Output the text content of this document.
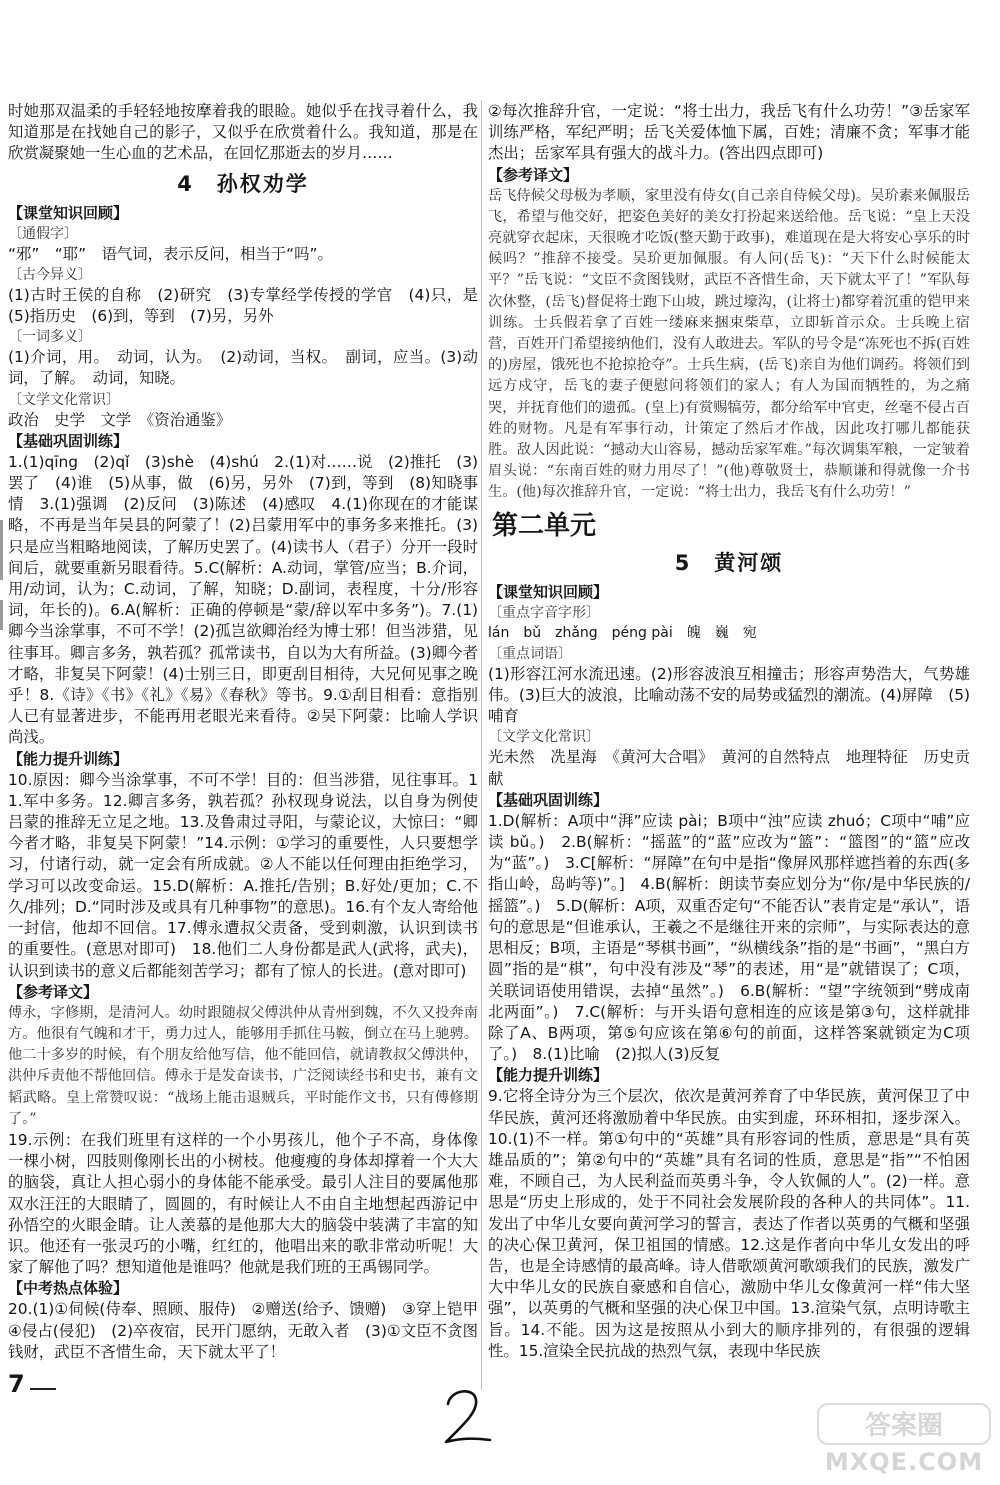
时她那双温柔的手轻轻地按摩着我的眼睑。她似乎在找寻着什么，我知道那是在找她自己的影子，又似乎在欣赏着什么。我知道，那是在欣赏凝聚她一生心血的艺术品，在回忆那逝去的岁月……

4　孙权劝学

【课堂知识回顾】

〔通假字〕

“邪”　“耶”　语气词，表示反问，相当于“吗”。

〔古今异义〕

(1)古时王侯的自称　(2)研究　(3)专掌经学传授的学官　(4)只，是　(5)指历史　(6)到，等到　(7)另，另外

〔一词多义〕

(1)介词，用。　动词，认为。　(2)动词，当权。　副词，应当。(3)动词，了解。　动词，知晓。

〔文学文化常识〕

政治　史学　文学　《资治通鉴》

【基础巩固训练】

1.(1)qīng　(2)qǐ　(3)shè　(4)shú　2.(1)对……说　(2)推托　(3)罢了　(4)谁　(5)从事，做　(6)另，另外　(7)到，等到　(8)知晓事情　3.(1)强调　(2)反问　(3)陈述　(4)感叹　4.(1)你现在的才能谋略，不再是当年吴县的阿蒙了！(2)吕蒙用军中的事务多来推托。(3)只是应当粗略地阅读，了解历史罢了。(4)读书人（君子）分开一段时间后，就要重新另眼看待。5.C(解析：A.动词，掌管/应当；B.介词，用/动词，认为；C.动词，了解，知晓；D.副词，表程度，十分/形容词，年长的)。6.A(解析：正确的停顿是“蒙/辞以军中多务”)。7.(1)卿今当涂掌事，不可不学！(2)孤岂欲卿治经为博士邪！但当涉猎，见往事耳。卿言多务，孰若孤？孤常读书，自以为大有所益。(3)卿今者才略，非复吴下阿蒙！(4)士别三日，即更刮目相待，大兄何见事之晚乎！8.《诗》《书》《礼》《易》《春秋》等书。9.①刮目相看：意指别人已有显著进步，不能再用老眼光来看待。②吴下阿蒙：比喻人学识尚浅。

【能力提升训练】

10.原因：卿今当涂掌事，不可不学！目的：但当涉猎，见往事耳。11.军中多务。12.卿言多务，孰若孤？孙权现身说法，以自身为例使吕蒙的推辞无立足之地。13.及鲁肃过寻阳，与蒙论议，大惊曰：“卿今者才略，非复吴下阿蒙！”14.示例：①学习的重要性，人只要想学习，付诸行动，就一定会有所成就。②人不能以任何理由拒绝学习，学习可以改变命运。15.D(解析：A.推托/告别；B.好处/更加；C.不久/排列；D.“同时涉及或具有几种事物”的意思)。16.有个友人寄给他一封信，他却不回信。17.傅永遭叔父责备，受到刺激，认识到读书的重要性。(意思对即可)　18.他们二人身份都是武人(武将，武夫)，认识到读书的意义后都能刻苦学习；都有了惊人的长进。(意对即可)

【参考译文】

傅永，字修期，是清河人。幼时跟随叔父傅洪仲从青州到魏，不久又投奔南方。他很有气魄和才干，勇力过人，能够用手抓住马鞍，倒立在马上驰骋。他二十多岁的时候，有个朋友给他写信，他不能回信，就请教叔父傅洪仲，洪仲斥责他不帮他回信。傅永于是发奋读书，广泛阅读经书和史书，兼有文韬武略。皇上常赞叹说：“战场上能击退贼兵，平时能作文书，只有傅修期了。”

19.示例：在我们班里有这样的一个小男孩儿，他个子不高，身体像一棵小树，四肢则像刚长出的小树枝。他瘦瘦的身体却撑着一个大大的脑袋，真让人担心弱小的身体能不能承受。最引人注目的要属他那双水汪汪的大眼睛了，圆圆的，有时候让人不由自主地想起西游记中孙悟空的火眼金睛。让人羡慕的是他那大大的脑袋中装满了丰富的知识。他还有一张灵巧的小嘴，红红的，他唱出来的歌非常动听呢！大家了解他了吗？想知道他是谁吗？他就是我们班的王禹锡同学。

【中考热点体验】

20.(1)①伺候(侍奉、照顾、服侍)　②赠送(给予、馈赠)　③穿上铠甲　④侵占(侵犯)　(2)卒夜宿，民开门愿纳，无敢入者　(3)①文臣不贪图钱财，武臣不吝惜生命，天下就太平了！

②每次推辞升官，一定说：“将士出力，我岳飞有什么功劳！”③岳家军训练严格，军纪严明；岳飞关爱体恤下属，百姓；清廉不贪；军事才能杰出；岳家军具有强大的战斗力。(答出四点即可)

【参考译文】

岳飞侍候父母极为孝顺，家里没有侍女(自己亲自侍候父母)。吴玠素来佩服岳飞，希望与他交好，把姿色美好的美女打扮起来送给他。岳飞说：“皇上天没亮就穿衣起床，天很晚才吃饭(整天勤于政事)，难道现在是大将安心享乐的时候吗？”推辞不接受。吴玠更加佩服。有人问(岳飞)：“天下什么时候能太平？”岳飞说：“文臣不贪图钱财，武臣不吝惜生命，天下就太平了！”军队每次休整，(岳飞)督促将士跑下山坡，跳过壕沟，(让将士)都穿着沉重的铠甲来训练。士兵假若拿了百姓一缕麻来捆束柴草，立即斩首示众。士兵晚上宿营，百姓开门希望接纳他们，没有人敢进去。军队的号令是“冻死也不拆(百姓的)房屋，饿死也不抢掠抢夺”。士兵生病，(岳飞)亲自为他们调药。将领们到远方戍守，岳飞的妻子便慰问将领们的家人；有人为国而牺牲的，为之痛哭，并抚育他们的遗孤。(皇上)有赏赐犒劳，都分给军中官吏，丝毫不侵占百姓的财物。凡是有军事行动，计策定了然后才作战，因此攻打哪儿都能获胜。敌人因此说：“撼动大山容易，撼动岳家军难。”每次调集军粮，一定皱着眉头说：“东南百姓的财力用尽了！”(他)尊敬贤士，恭顺谦和得就像一介书生。(他)每次推辞升官，一定说：“将士出力，我岳飞有什么功劳！”

第二单元
5　黄河颂

【课堂知识回顾】

〔重点字音字形〕

lán　bǔ　zhǎng　péng pài　魄　巍　宛

〔重点词语〕

(1)形容江河水流迅速。(2)形容波浪互相撞击；形容声势浩大，气势雄伟。(3)巨大的波浪，比喻动荡不安的局势或猛烈的潮流。(4)屏障　(5)哺育

〔文学文化常识〕

光未然　冼星海　《黄河大合唱》　黄河的自然特点　地理特征　历史贡献

【基础巩固训练】

1.D(解析：A项中“湃”应读 pài；B项中“浊”应读 zhuó；C项中“哺”应读 bǔ。)　2.B(解析：“摇蓝”的“蓝”应改为“篮”：“篮图”的“篮”应改为“蓝”。)　3.C[解析：“屏障”在句中是指“像屏风那样遮挡着的东西(多指山岭，岛屿等)”。]　4.B(解析：朗读节奏应划分为“你/是中华民族的/摇篮”。)　5.D(解析：A项，双重否定句“不能否认”表肯定是“承认”，语句的意思是“但谁承认，王羲之不是继往开来的宗师”，与实际表达的意思相反；B项，主语是“琴棋书画”，“纵横线条”指的是“书画”，“黑白方圆”指的是“棋”，句中没有涉及“琴”的表述，用“是”就错误了；C项，关联词语使用错误，去掉“虽然”。)　6.B(解析：“望”字统领到“劈成南北两面”。)　7.C(解析：与开头语句意相连的应该是第③句，这样就排除了A、B两项，第⑤句应该在第⑥句的前面，这样答案就锁定为C项了。)　8.(1)比喻　(2)拟人(3)反复

【能力提升训练】

9.它将全诗分为三个层次，依次是黄河养育了中华民族，黄河保卫了中华民族，黄河还将激励着中华民族。由实到虚，环环相扣，逐步深入。10.(1)不一样。第①句中的“英雄”具有形容词的性质，意思是“具有英雄品质的”；第②句中的“英雄”具有名词的性质，意思是“指”“不怕困难，不顾自己，为人民利益而英勇斗争，令人钦佩的人”。(2)一样。意思是“历史上形成的，处于不同社会发展阶段的各种人的共同体”。11.发出了中华儿女要向黄河学习的誓言，表达了作者以英勇的气概和坚强的决心保卫黄河，保卫祖国的情感。12.这是作者向中华儿女发出的呼告，也是全诗感情的最高峰。诗人借歌颂黄河歌颂我们的民族，激发广大中华儿女的民族自豪感和自信心，激励中华儿女像黄河一样“伟大坚强”，以英勇的气概和坚强的决心保卫中国。13.渲染气氛，点明诗歌主旨。14.不能。因为这是按照从小到大的顺序排列的，有很强的逻辑性。15.渲染全民抗战的热烈气氛，表现中华民族

7
答案圈
MXQE.COM
